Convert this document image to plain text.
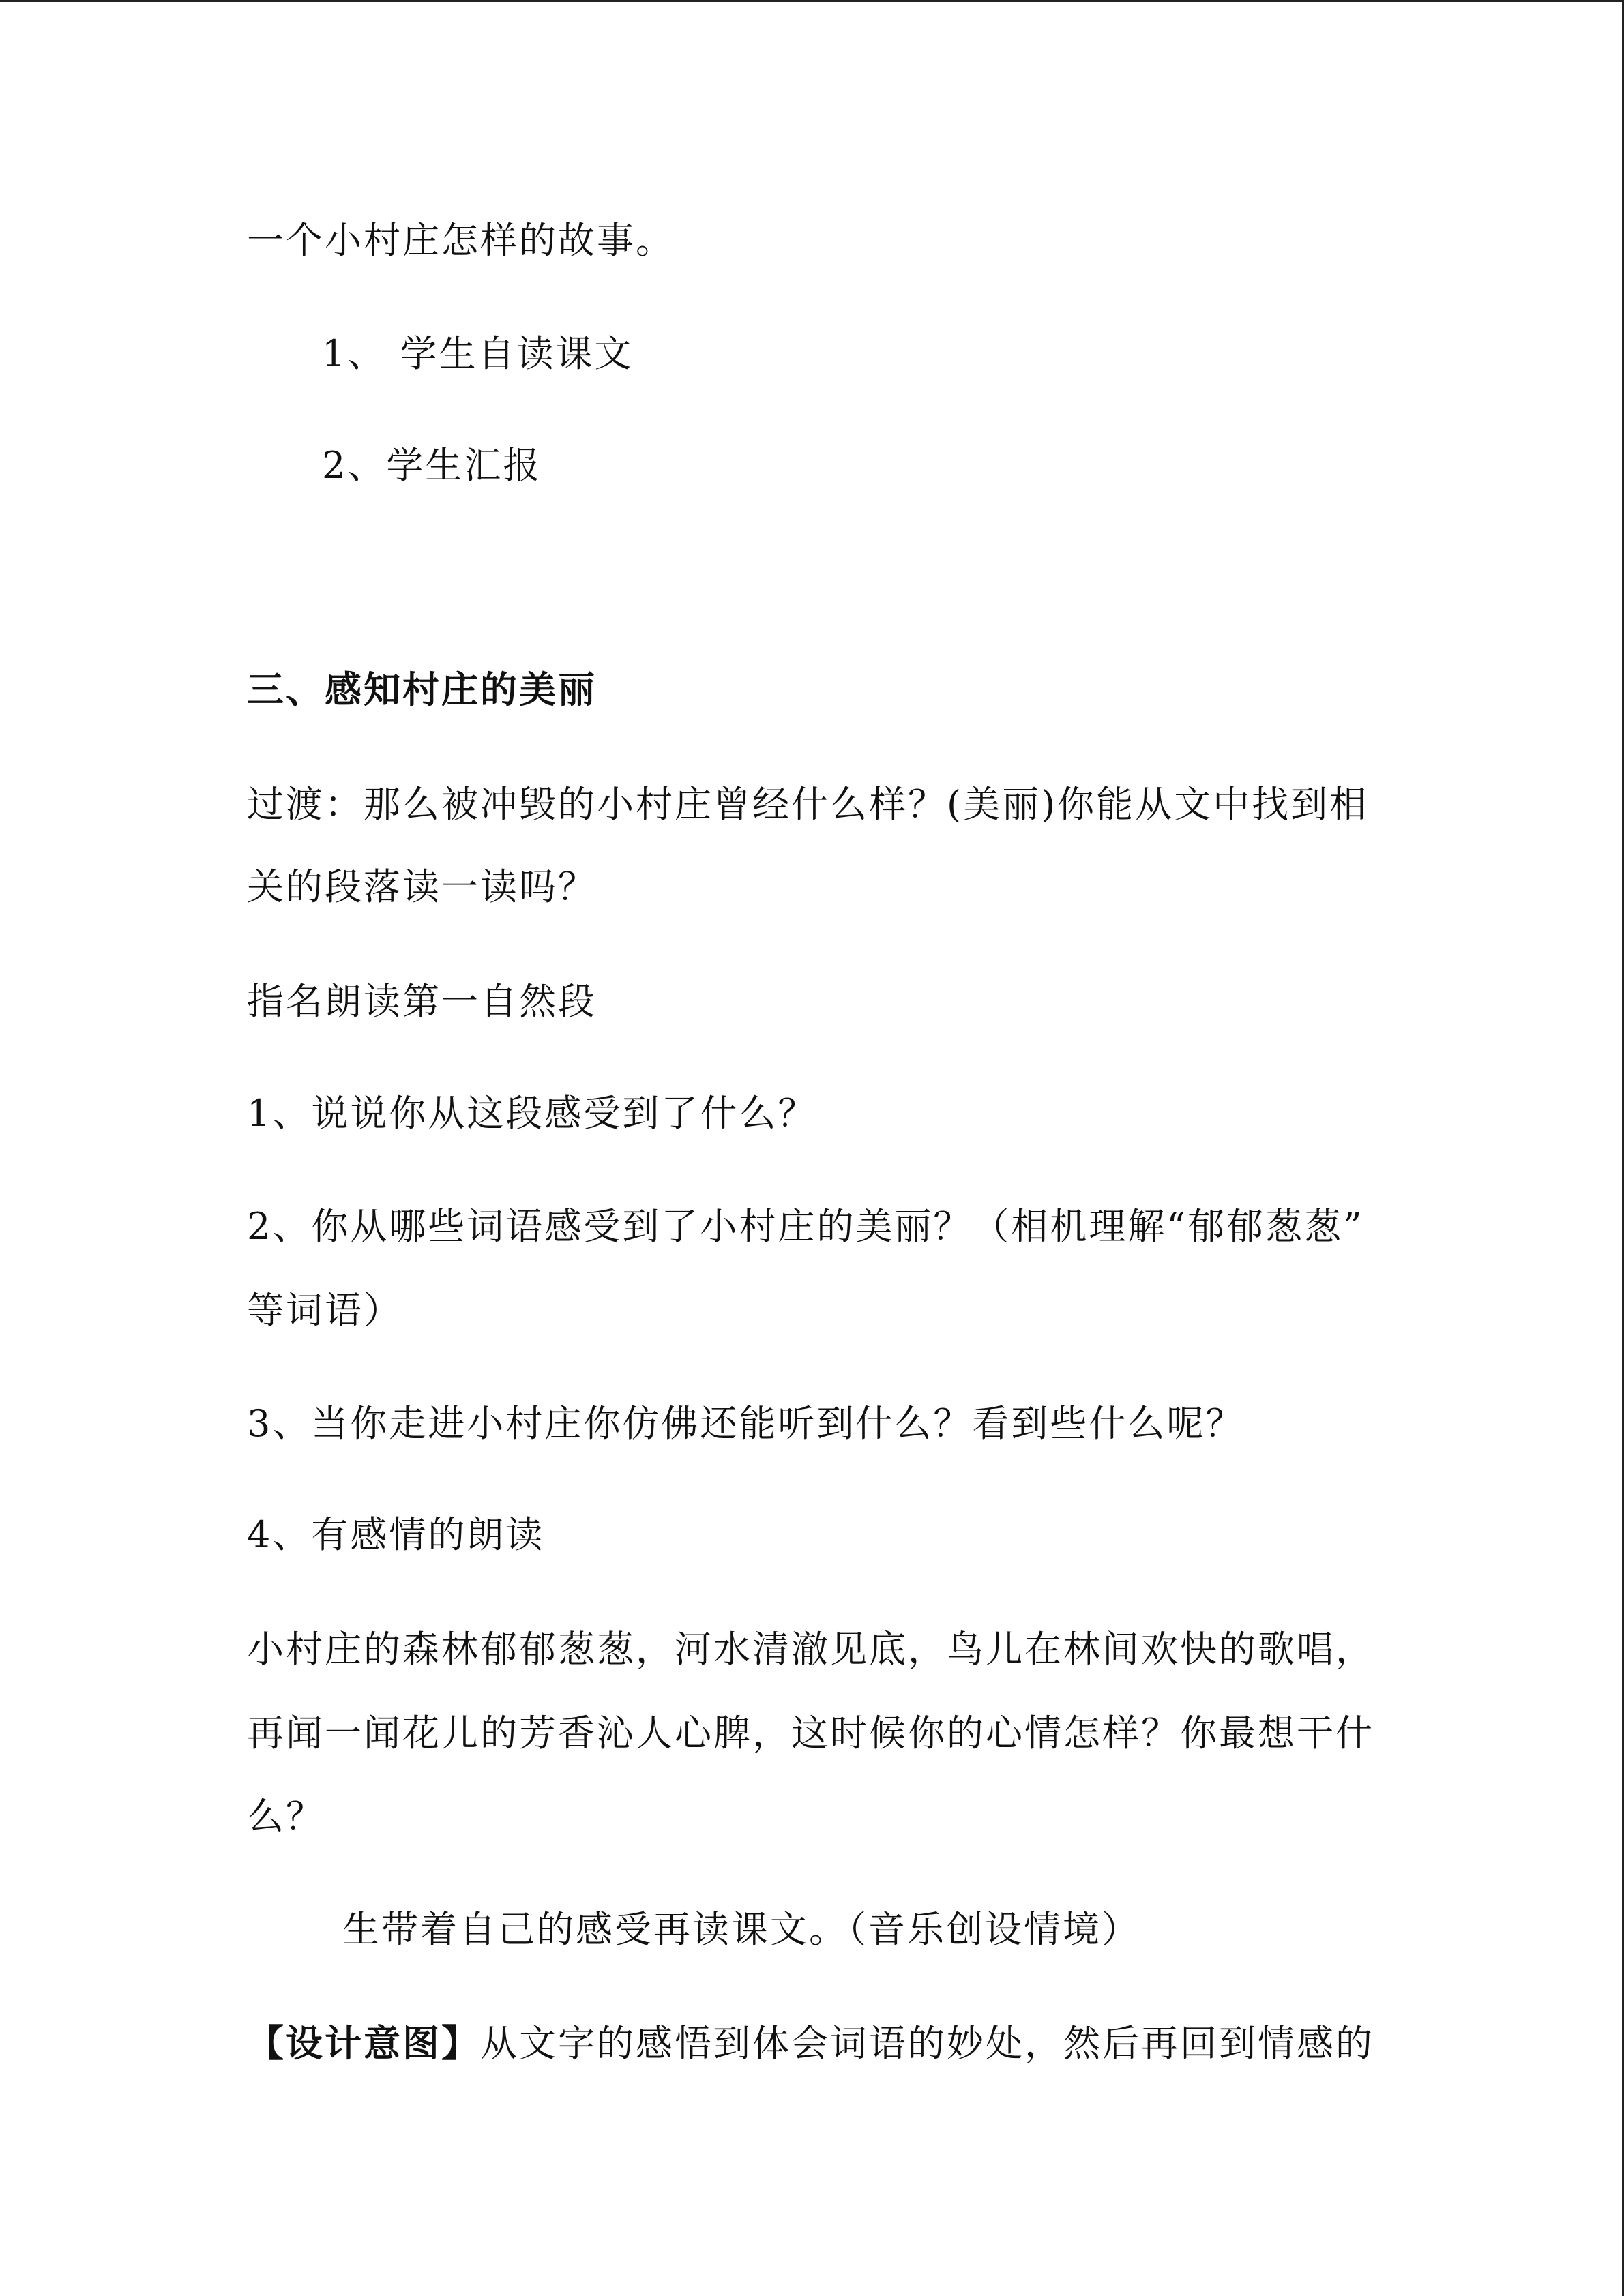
一个小村庄怎样的故事。
1、 学生自读课文
2、学生汇报
三、感知村庄的美丽
过渡：那么被冲毁的小村庄曾经什么样？(美丽)你能从文中找到相
关的段落读一读吗？
指名朗读第一自然段
1、说说你从这段感受到了什么？
2、你从哪些词语感受到了小村庄的美丽？（相机理解“郁郁葱葱”
等词语）
3、当你走进小村庄你仿佛还能听到什么？看到些什么呢？
4、有感情的朗读
小村庄的森林郁郁葱葱，河水清澈见底，鸟儿在林间欢快的歌唱，
再闻一闻花儿的芳香沁人心脾，这时候你的心情怎样？你最想干什
么？
生带着自己的感受再读课文。（音乐创设情境）
【设计意图】从文字的感悟到体会词语的妙处，然后再回到情感的
